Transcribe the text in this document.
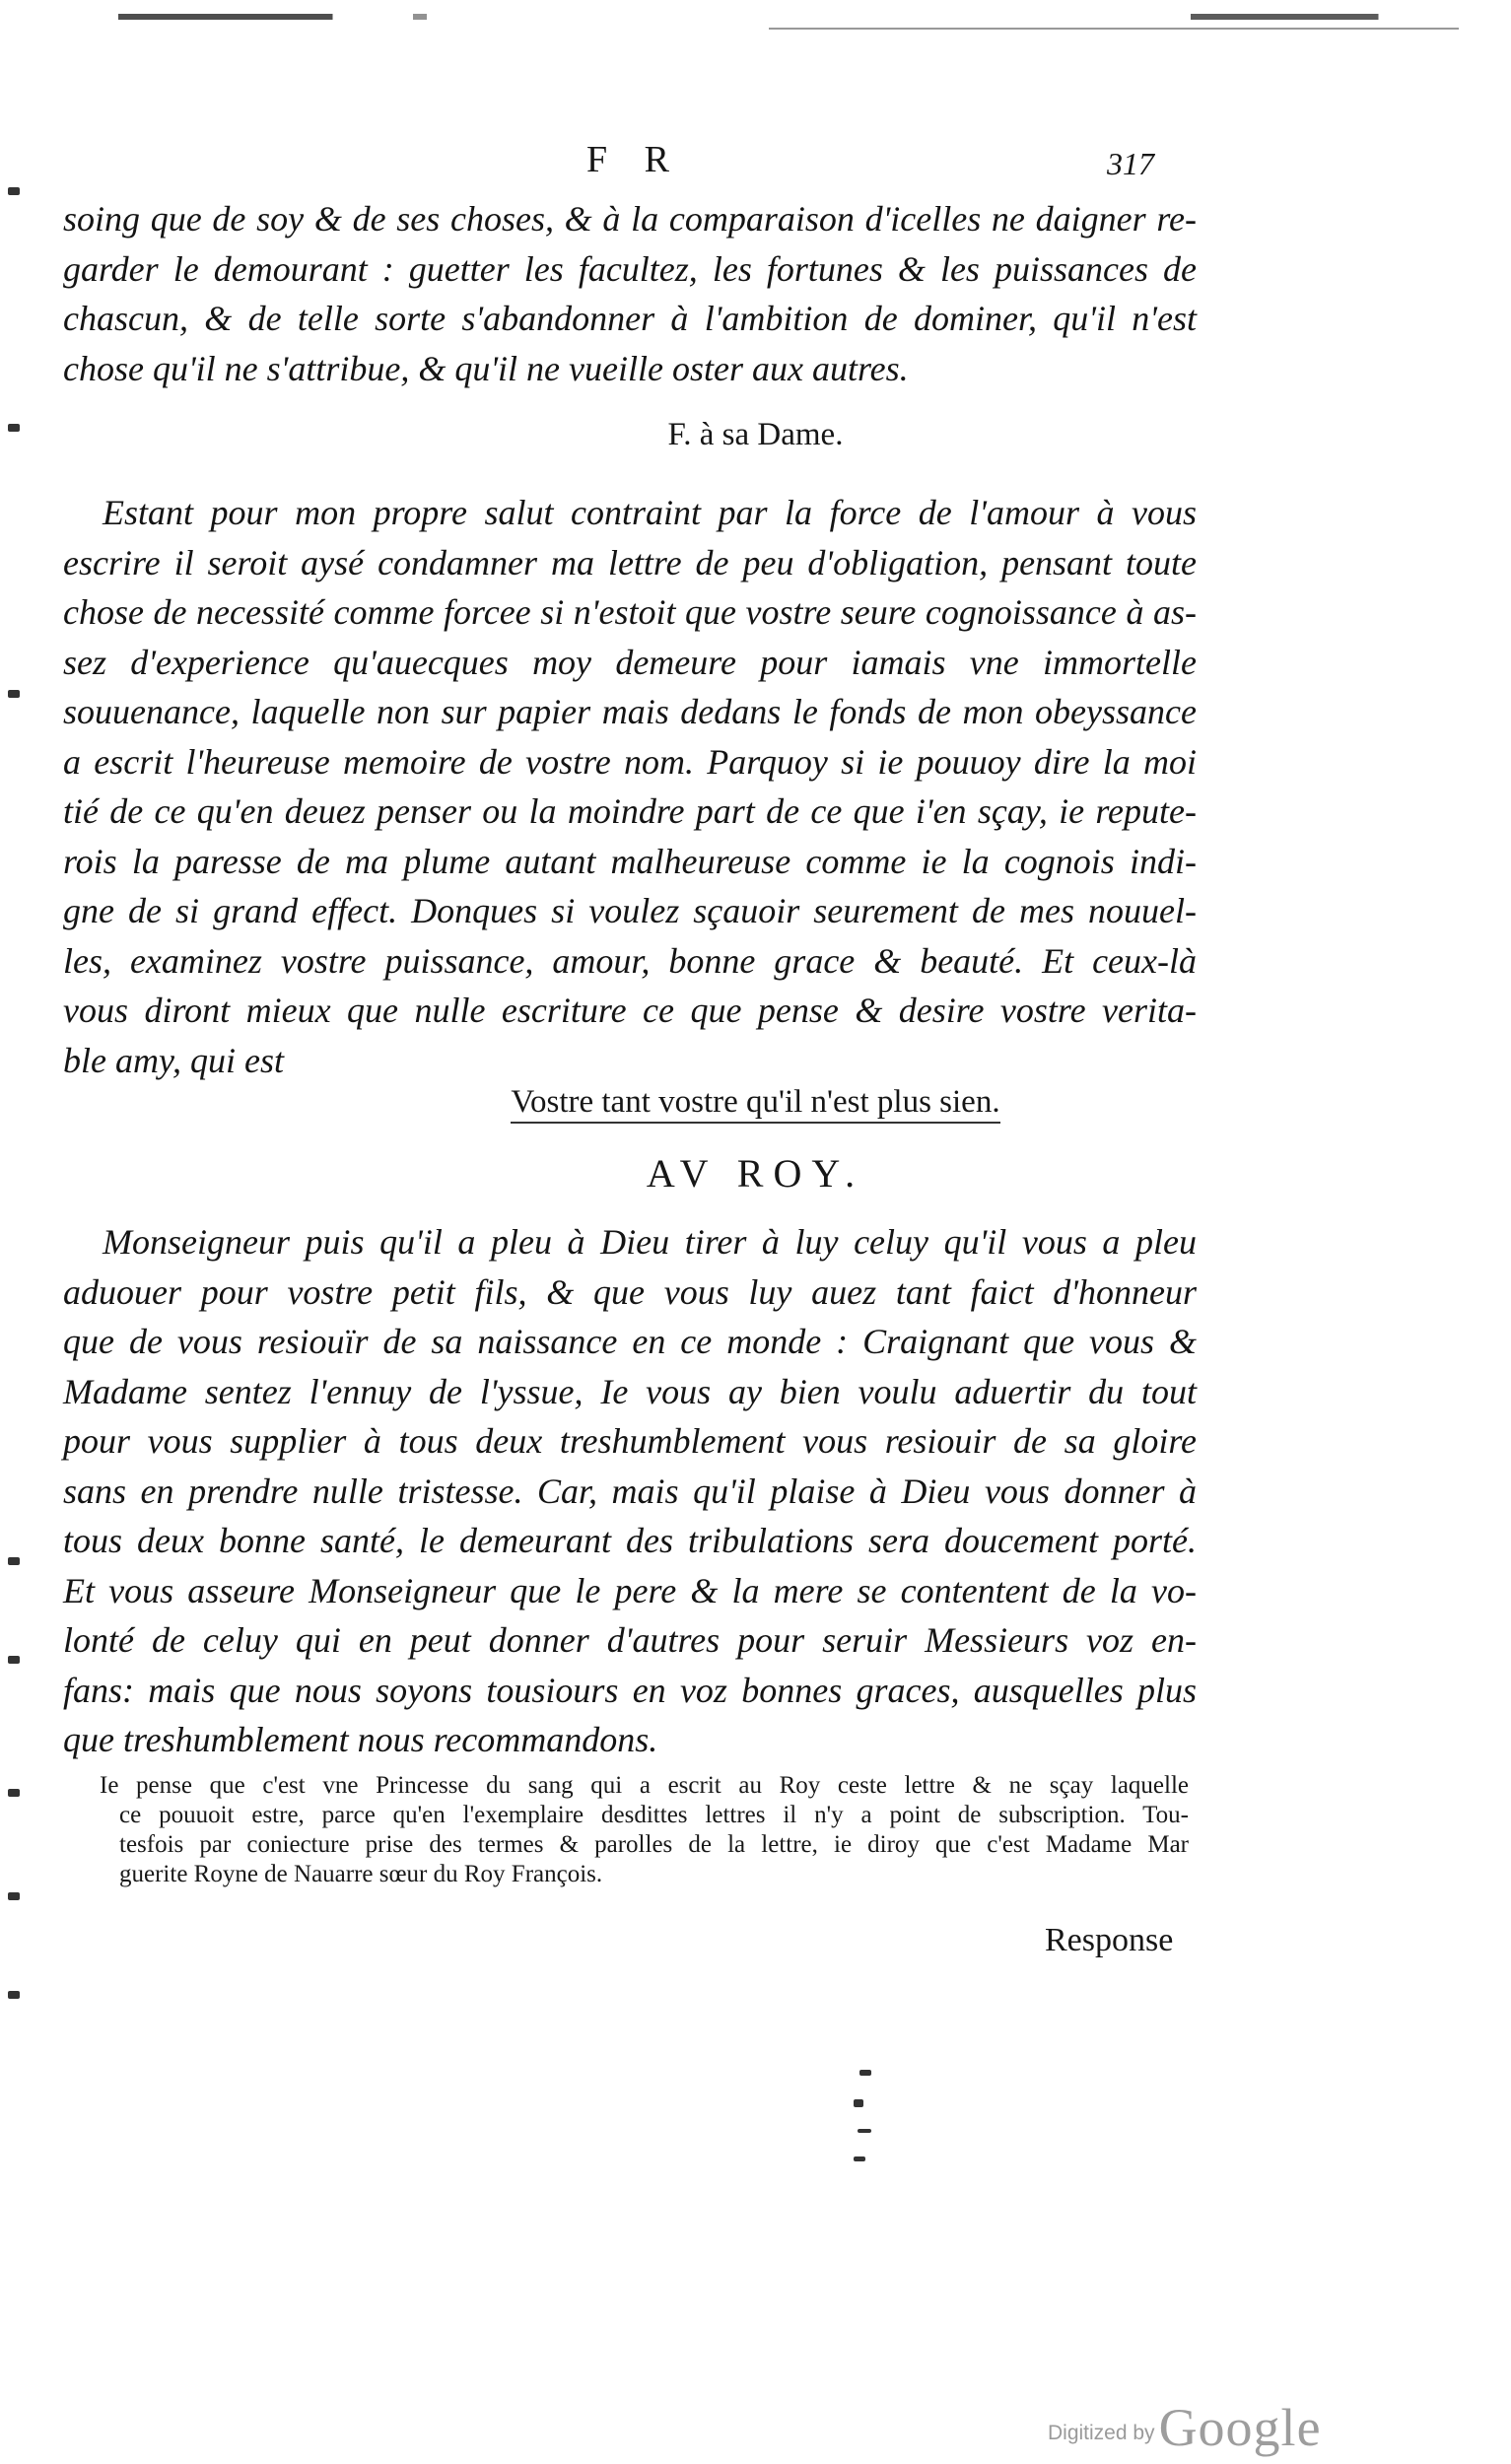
F R	317
soing que de soy & de ses choses, & à la comparaison d'icelles ne daigner re-
garder le demourant : guetter les facultez, les fortunes & les puissances de
chascun, & de telle sorte s'abandonner à l'ambition de dominer, qu'il n'est
chose qu'il ne s'attribue, & qu'il ne vueille oster aux autres.
F. à sa Dame.
Estant pour mon propre salut contraint par la force de l'amour à vous
escrire il seroit aysé condamner ma lettre de peu d'obligation, pensant toute
chose de necessité comme forcee si n'estoit que vostre seure cognoissance à as-
sez d'experience qu'auecques moy demeure pour iamais vne immortelle
souuenance, laquelle non sur papier mais dedans le fonds de mon obeyssance
a escrit l'heureuse memoire de vostre nom. Parquoy si ie pouuoy dire la moi
tié de ce qu'en deuez penser ou la moindre part de ce que i'en sçay, ie repute-
rois la paresse de ma plume autant malheureuse comme ie la cognois indi-
gne de si grand effect. Donques si voulez sçauoir seurement de mes nouuel-
les, examinez vostre puissance, amour, bonne grace & beauté. Et ceux-là
vous diront mieux que nulle escriture ce que pense & desire vostre verita-
ble amy, qui est
Vostre tant vostre qu'il n'est plus sien.
AV ROY.
Monseigneur puis qu'il a pleu à Dieu tirer à luy celuy qu'il vous a pleu
aduouer pour vostre petit fils, & que vous luy auez tant faict d'honneur
que de vous resiouïr de sa naissance en ce monde : Craignant que vous &
Madame sentez l'ennuy de l'yssue, Ie vous ay bien voulu aduertir du tout
pour vous supplier à tous deux treshumblement vous resiouir de sa gloire
sans en prendre nulle tristesse. Car, mais qu'il plaise à Dieu vous donner à
tous deux bonne santé, le demeurant des tribulations sera doucement porté.
Et vous asseure Monseigneur que le pere & la mere se contentent de la vo-
lonté de celuy qui en peut donner d'autres pour seruir Messieurs voz en-
fans: mais que nous soyons tousiours en voz bonnes graces, ausquelles plus
que treshumblement nous recommandons.
Ie pense que c'est vne Princesse du sang qui a escrit au Roy ceste lettre & ne sçay laquelle
ce pouuoit estre, parce qu'en l'exemplaire desdittes lettres il n'y a point de subscription. Tou-
tesfois par coniecture prise des termes & parolles de la lettre, ie diroy que c'est Madame Mar
guerite Royne de Nauarre sœur du Roy François.
Response
Digitized byGoogle
